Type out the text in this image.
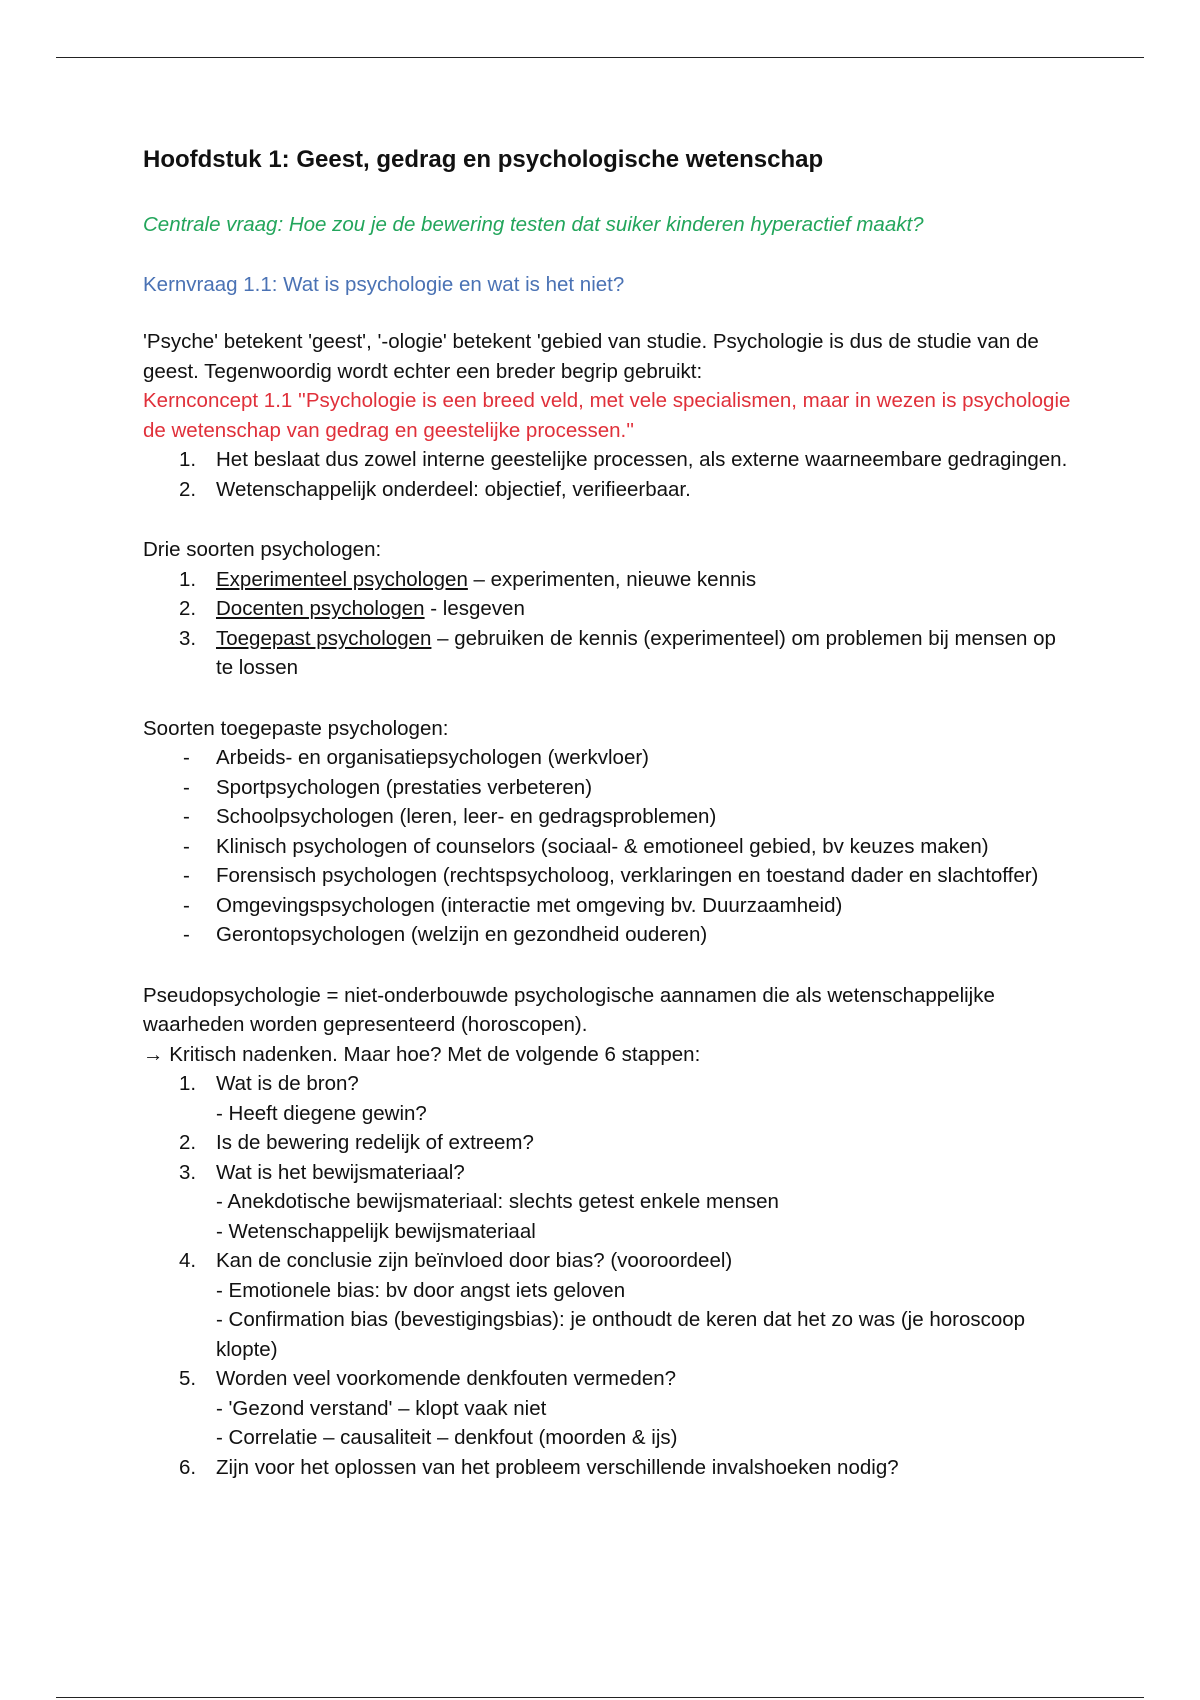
Hoofdstuk 1: Geest, gedrag en psychologische wetenschap

Centrale vraag: Hoe zou je de bewering testen dat suiker kinderen hyperactief maakt?

Kernvraag 1.1: Wat is psychologie en wat is het niet?

'Psyche' betekent 'geest', '-ologie' betekent 'gebied van studie. Psychologie is dus de studie van de geest. Tegenwoordig wordt echter een breder begrip gebruikt:

Kernconcept 1.1 ''Psychologie is een breed veld, met vele specialismen, maar in wezen is psychologie de wetenschap van gedrag en geestelijke processen.''

1. Het beslaat dus zowel interne geestelijke processen, als externe waarneembare gedragingen.
2. Wetenschappelijk onderdeel: objectief, verifieerbaar.

Drie soorten psychologen:

1. Experimenteel psychologen – experimenten, nieuwe kennis
2. Docenten psychologen - lesgeven
3. Toegepast psychologen – gebruiken de kennis (experimenteel) om problemen bij mensen op te lossen

Soorten toegepaste psychologen:

- Arbeids- en organisatiepsychologen (werkvloer)
- Sportpsychologen (prestaties verbeteren)
- Schoolpsychologen (leren, leer- en gedragsproblemen)
- Klinisch psychologen of counselors (sociaal- & emotioneel gebied, bv keuzes maken)
- Forensisch psychologen (rechtspsycholoog, verklaringen en toestand dader en slachtoffer)
- Omgevingspsychologen (interactie met omgeving bv. Duurzaamheid)
- Gerontopsychologen (welzijn en gezondheid ouderen)

Pseudopsychologie = niet-onderbouwde psychologische aannamen die als wetenschappelijke waarheden worden gepresenteerd (horoscopen).

→ Kritisch nadenken. Maar hoe? Met de volgende 6 stappen:

1. Wat is de bron?
- Heeft diegene gewin?
2. Is de bewering redelijk of extreem?
3. Wat is het bewijsmateriaal?
- Anekdotische bewijsmateriaal: slechts getest enkele mensen
- Wetenschappelijk bewijsmateriaal
4. Kan de conclusie zijn beïnvloed door bias? (vooroordeel)
- Emotionele bias: bv door angst iets geloven
- Confirmation bias (bevestigingsbias): je onthoudt de keren dat het zo was (je horoscoop klopte)
5. Worden veel voorkomende denkfouten vermeden?
- 'Gezond verstand' – klopt vaak niet
- Correlatie – causaliteit – denkfout (moorden & ijs)
6. Zijn voor het oplossen van het probleem verschillende invalshoeken nodig?
